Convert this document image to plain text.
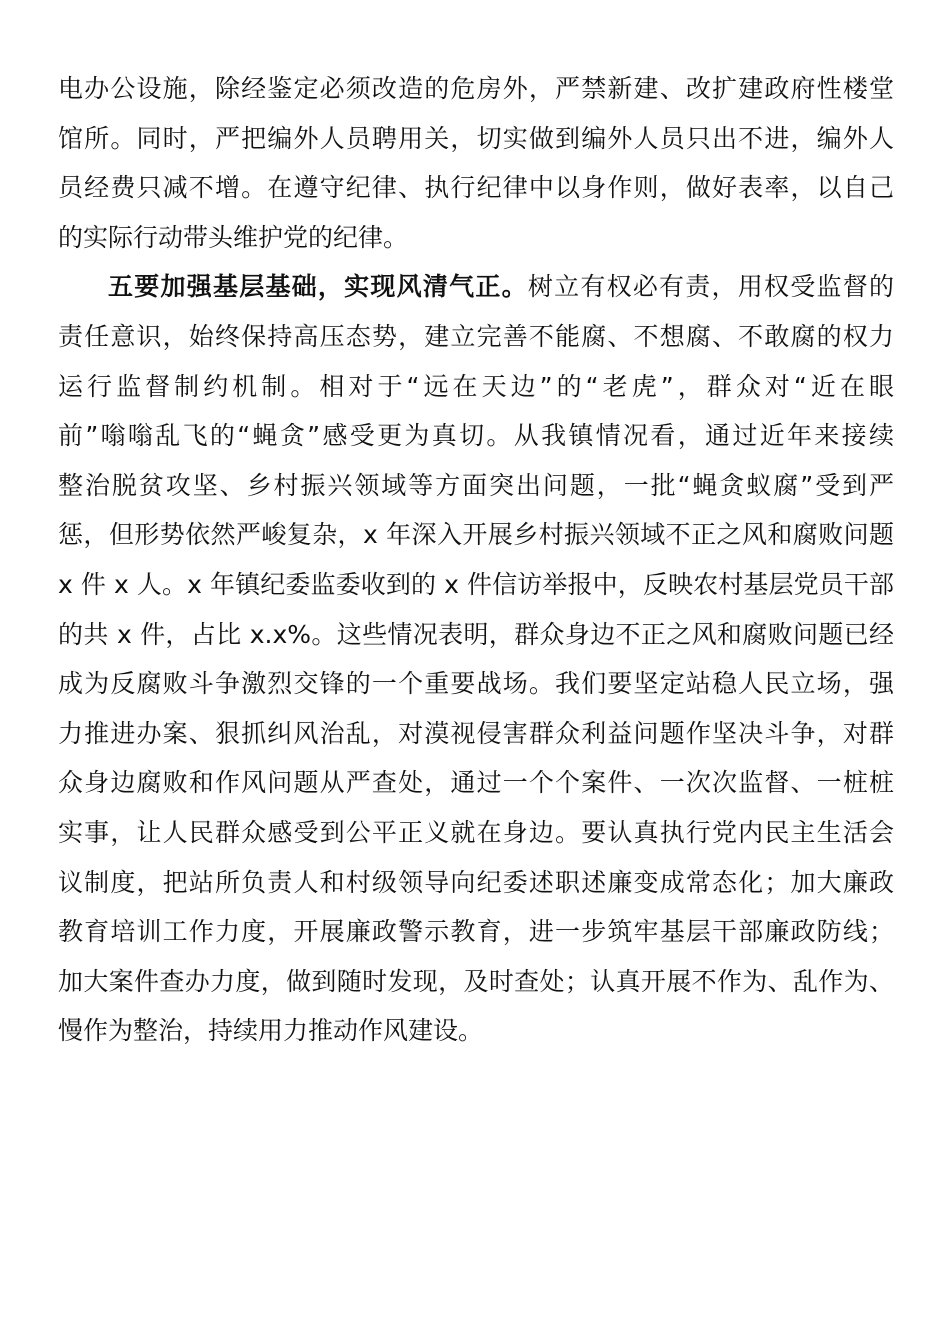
电办公设施，除经鉴定必须改造的危房外，严禁新建、改扩建政府性楼堂
馆所。同时，严把编外人员聘用关，切实做到编外人员只出不进，编外人
员经费只减不增。在遵守纪律、执行纪律中以身作则，做好表率，以自己
的实际行动带头维护党的纪律。
五要加强基层基础，实现风清气正。树立有权必有责，用权受监督的
责任意识，始终保持高压态势，建立完善不能腐、不想腐、不敢腐的权力
运行监督制约机制。相对于“远在天边”的“老虎”，群众对“近在眼
前”嗡嗡乱飞的“蝇贪”感受更为真切。从我镇情况看，通过近年来接续
整治脱贫攻坚、乡村振兴领域等方面突出问题，一批“蝇贪蚁腐”受到严
惩，但形势依然严峻复杂，x 年深入开展乡村振兴领域不正之风和腐败问题
x 件 x 人。x 年镇纪委监委收到的 x 件信访举报中，反映农村基层党员干部
的共 x 件，占比 x.x%。这些情况表明，群众身边不正之风和腐败问题已经
成为反腐败斗争激烈交锋的一个重要战场。我们要坚定站稳人民立场，强
力推进办案、狠抓纠风治乱，对漠视侵害群众利益问题作坚决斗争，对群
众身边腐败和作风问题从严查处，通过一个个案件、一次次监督、一桩桩
实事，让人民群众感受到公平正义就在身边。要认真执行党内民主生活会
议制度，把站所负责人和村级领导向纪委述职述廉变成常态化；加大廉政
教育培训工作力度，开展廉政警示教育，进一步筑牢基层干部廉政防线；
加大案件查办力度，做到随时发现，及时查处；认真开展不作为、乱作为、
慢作为整治，持续用力推动作风建设。
